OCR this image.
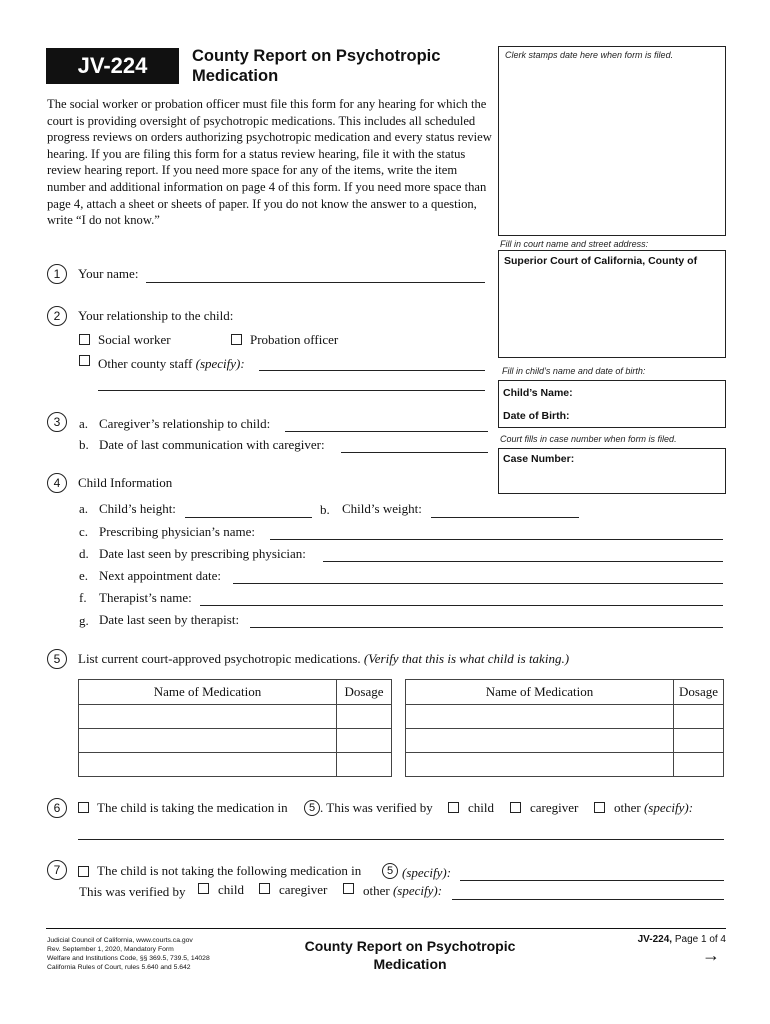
JV-224	County Report on Psychotropic
Medication
The social worker or probation officer must file this form for any hearing for which the court is providing oversight of psychotropic medications. This includes all scheduled progress reviews on orders authorizing psychotropic medication and every status review hearing. If you are filing this form for a status review hearing, file it with the status review hearing report. If you need more space for any of the items, write the item number and additional information on page 4 of this form. If you need more space than page 4, attach a sheet or sheets of paper. If you do not know the answer to a question, write “I do not know.”
Clerk stamps date here when form is filed.
Fill in court name and street address:
Superior Court of California, County of
Fill in child’s name and date of birth:
Child’s Name:
Date of Birth:
Court fills in case number when form is filed.
Case Number:
1	Your name:
2	Your relationship to the child:
Social worker	Probation officer
Other county staff (specify):
3	a. Caregiver’s relationship to child:
b. Date of last communication with caregiver:
4	Child Information
a. Child’s height:	b. Child’s weight:
c. Prescribing physician’s name:
d. Date last seen by prescribing physician:
e. Next appointment date:
f. Therapist’s name:
g. Date last seen by therapist:
5	List current court-approved psychotropic medications. (Verify that this is what child is taking.)
Name of Medication	Dosage

		Name of Medication	Dosage

6	The child is taking the medication in	5 . This was verified by	child	caregiver	other (specify):
7	The child is not taking the following medication in	5 (specify):
This was verified by child	caregiver	other (specify):
Judicial Council of California, www.courts.ca.gov
Rev. September 1, 2020, Mandatory Form
Welfare and Institutions Code, §§ 369.5, 739.5, 14028
California Rules of Court, rules 5.640 and 5.642
County Report on Psychotropic
Medication
JV-224, Page 1 of 4
→
